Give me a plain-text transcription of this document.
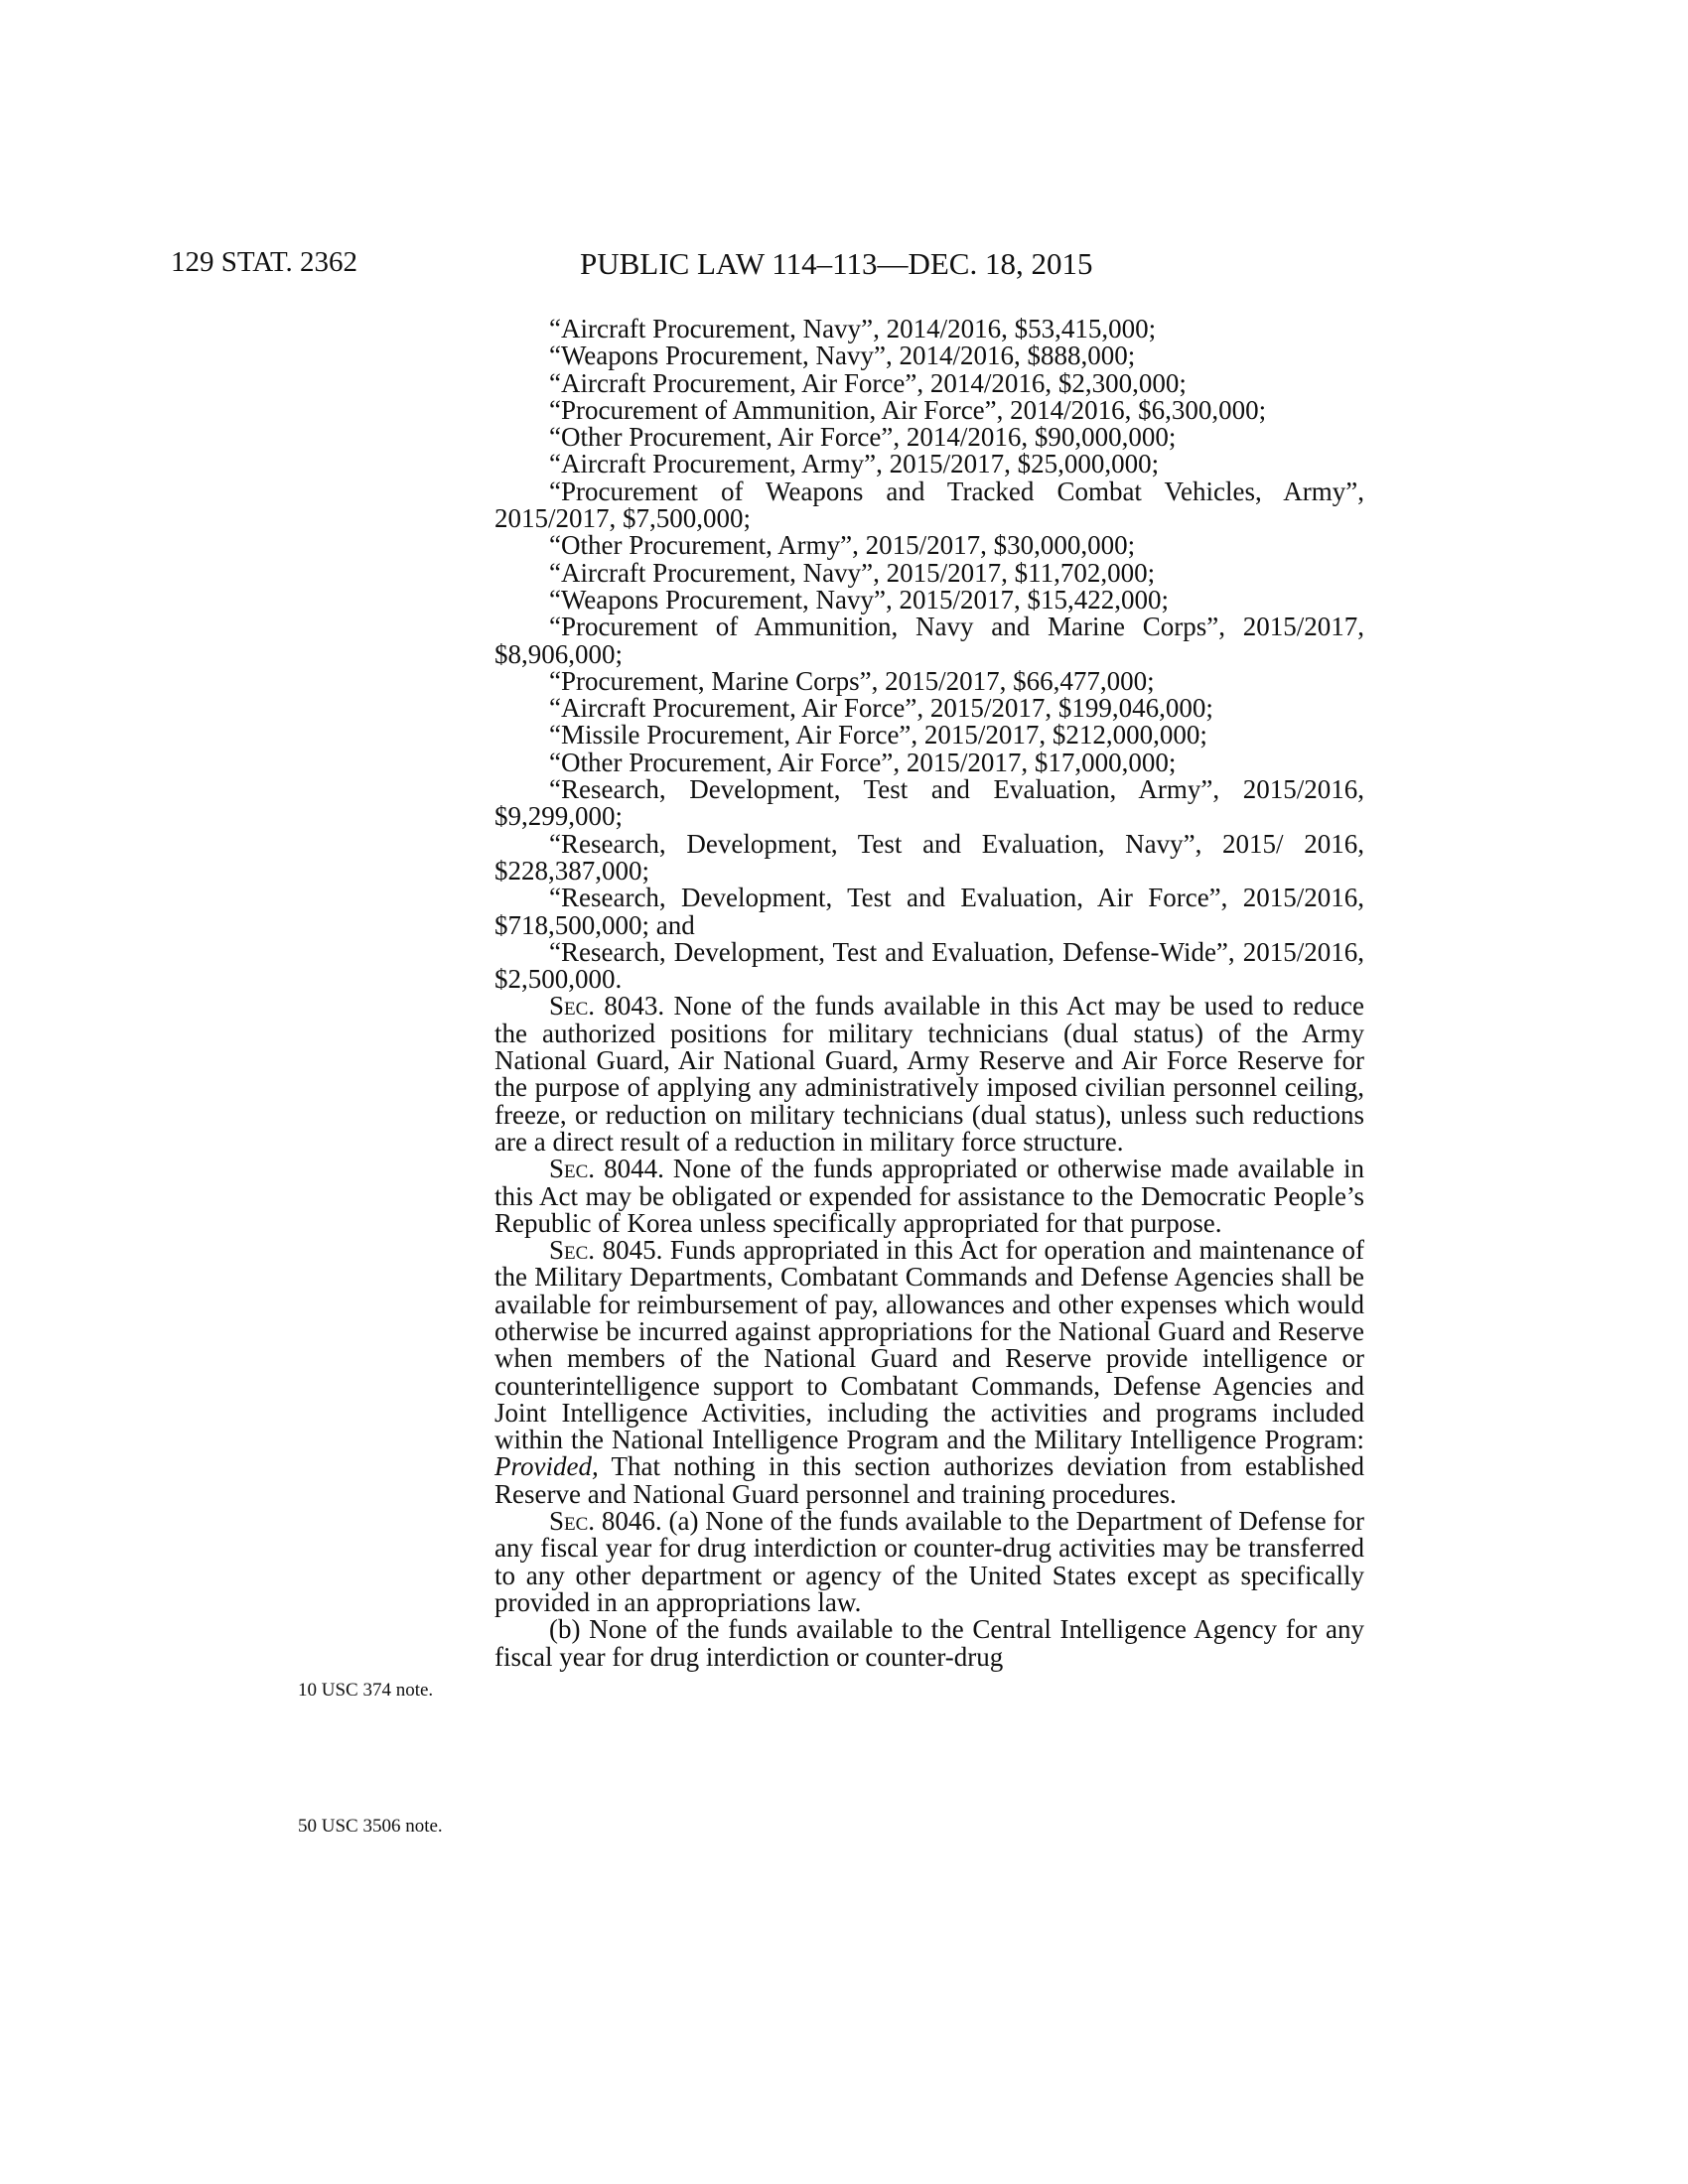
129 STAT. 2362	PUBLIC LAW 114–113—DEC. 18, 2015
10 USC 374 note.
50 USC 3506 note.

“Aircraft Procurement, Navy”, 2014/2016, $53,415,000;

“Weapons Procurement, Navy”, 2014/2016, $888,000;

“Aircraft Procurement, Air Force”, 2014/2016, $2,300,000;

“Procurement of Ammunition, Air Force”, 2014/2016, $6,300,000;

“Other Procurement, Air Force”, 2014/2016, $90,000,000;

“Aircraft Procurement, Army”, 2015/2017, $25,000,000;

“Procurement of Weapons and Tracked Combat Vehicles, Army”, 2015/2017, $7,500,000;

“Other Procurement, Army”, 2015/2017, $30,000,000;

“Aircraft Procurement, Navy”, 2015/2017, $11,702,000;

“Weapons Procurement, Navy”, 2015/2017, $15,422,000;

“Procurement of Ammunition, Navy and Marine Corps”, 2015/2017, $8,906,000;

“Procurement, Marine Corps”, 2015/2017, $66,477,000;

“Aircraft Procurement, Air Force”, 2015/2017, $199,046,000;

“Missile Procurement, Air Force”, 2015/2017, $212,000,000;

“Other Procurement, Air Force”, 2015/2017, $17,000,000;

“Research, Development, Test and Evaluation, Army”, 2015/2016, $9,299,000;

“Research, Development, Test and Evaluation, Navy”, 2015/ 2016, $228,387,000;

“Research, Development, Test and Evaluation, Air Force”, 2015/2016, $718,500,000; and

“Research, Development, Test and Evaluation, Defense-Wide”, 2015/2016, $2,500,000.

Sec. 8043. None of the funds available in this Act may be used to reduce the authorized positions for military technicians (dual status) of the Army National Guard, Air National Guard, Army Reserve and Air Force Reserve for the purpose of applying any administratively imposed civilian personnel ceiling, freeze, or reduction on military technicians (dual status), unless such reductions are a direct result of a reduction in military force structure.

Sec. 8044. None of the funds appropriated or otherwise made available in this Act may be obligated or expended for assistance to the Democratic People’s Republic of Korea unless specifically appropriated for that purpose.

Sec. 8045. Funds appropriated in this Act for operation and maintenance of the Military Departments, Combatant Commands and Defense Agencies shall be available for reimbursement of pay, allowances and other expenses which would otherwise be incurred against appropriations for the National Guard and Reserve when members of the National Guard and Reserve provide intelligence or counterintelligence support to Combatant Commands, Defense Agencies and Joint Intelligence Activities, including the activities and programs included within the National Intelligence Program and the Military Intelligence Program: Provided, That nothing in this section authorizes deviation from established Reserve and National Guard personnel and training procedures.

Sec. 8046. (a) None of the funds available to the Department of Defense for any fiscal year for drug interdiction or counter-drug activities may be transferred to any other department or agency of the United States except as specifically provided in an appropriations law.

(b) None of the funds available to the Central Intelligence Agency for any fiscal year for drug interdiction or counter-drug
